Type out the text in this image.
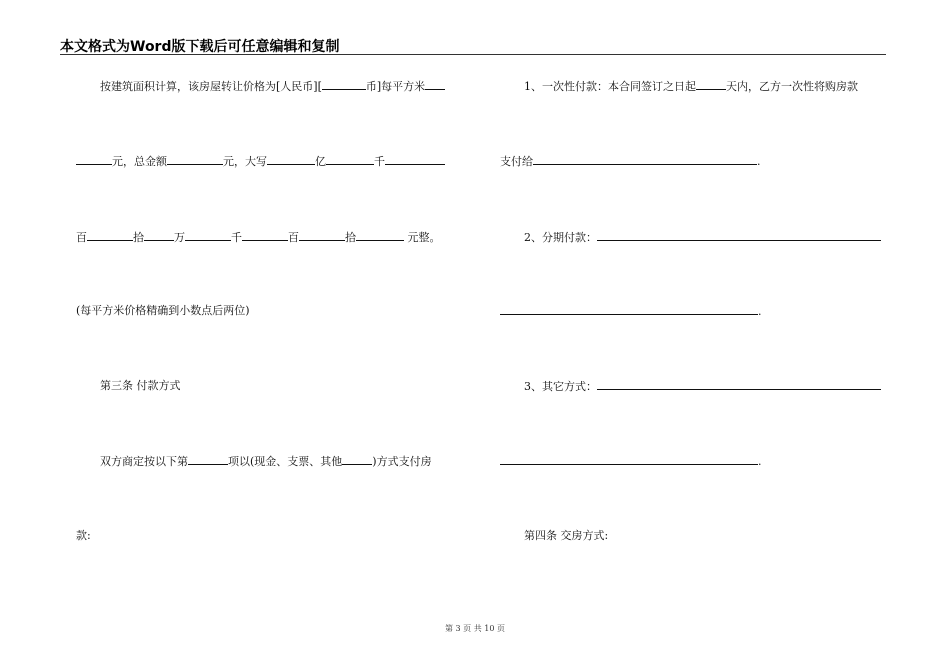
本文格式为Word版下载后可任意编辑和复制
按建筑面积计算，该房屋转让价格为[人民币][	币]每平方米
元，总金额	元，大写	亿	千
百	拾	万	千	百	拾	元整。
(每平方米价格精确到小数点后两位)
第三条 付款方式
双方商定按以下第	项以(现金、支票、其他	)方式支付房
款:
1、一次性付款：本合同签订之日起	天内，乙方一次性将购房款
支付给	.
2、分期付款：
.
3、其它方式：
.
第四条 交房方式:
第 3 页 共 10 页
